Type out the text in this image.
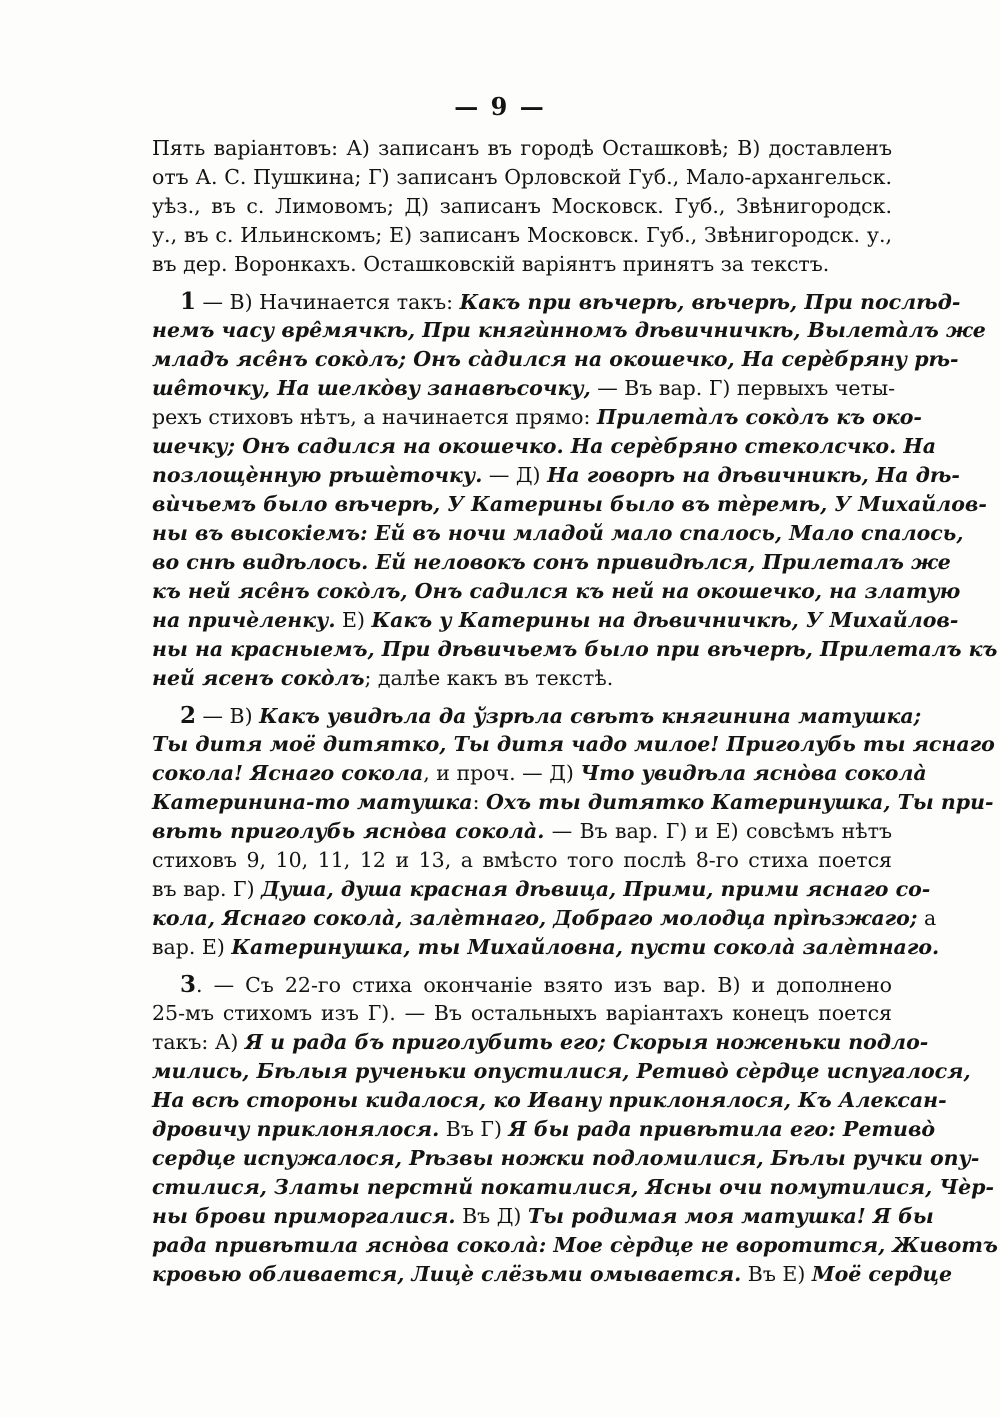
— 9 —
Пять варіантовъ: А) записанъ въ городѣ Осташковѣ; В) доставленъ
отъ А. С. Пушкина; Г) записанъ Орловской Губ., Мало-архангельск.
уѣз., въ с. Лимовомъ; Д) записанъ Московск. Губ., Звѣнигородск.
у., въ с. Ильинскомъ; Е) записанъ Московск. Губ., Звѣнигородск. у.,
въ дер. Воронкахъ. Осташковскій варіянтъ принятъ за текстъ.
1 — В) Начинается такъ: Какъ при вѣчерѣ, вѣчерѣ, При послѣд-
немъ часу вре̂мячкѣ, При княгѝнномъ дѣвичничкѣ, Вылетàлъ же
младъ ясе̂нъ соко̀лъ; Онъ сàдился на окошечко, На серѐбряну рѣ-
ше̂точку, На шелкòву занавѣсочку, — Въ вар. Г) первыхъ четы-
рехъ стиховъ нѣтъ, а начинается прямо: Прилетàлъ соко̀лъ къ око-
шечку; Онъ садился на окошечко. На серѐбряно стеколсчко. На
позлощѐнную рѣшѐточку. — Д) На говорѣ на дѣвичникѣ, На дѣ-
вѝчьемъ было вѣчерѣ, У Катерины было въ тѐремѣ, У Михайлов-
ны въ высокіемъ: Ей въ ночи младой мало спалось, Мало спалось,
во снѣ видѣлось. Ей неловокъ сонъ привидѣлся, Прилеталъ же
къ ней ясе̂нъ соко̀лъ, Онъ садился къ ней на окошечко, на златую
на причѐленку. Е) Какъ у Катерины на дѣвичничкѣ, У Михайлов-
ны на красныемъ, При дѣвичьемъ было при вѣчерѣ, Прилеталъ къ
ней ясенъ соко̀лъ; далѣе какъ въ текстѣ.
2 — В) Какъ увидѣла да ўзрѣла свѣтъ княгинина матушка;
Ты дитя моё дитятко, Ты дитя чадо милое! Приголубь ты яснаго
сокола! Яснаго сокола, и проч. — Д) Что увидѣла ясно̀ва сокола̀
Катеринина-то матушка: Охъ ты дитятко Катеринушка, Ты при-
вѣть приголубь ясно̀ва сокола̀. — Въ вар. Г) и Е) совсѣмъ нѣтъ
стиховъ 9, 10, 11, 12 и 13, а вмѣсто того послѣ 8-го стиха поется
въ вар. Г) Душа, душа красная дѣвица, Прими, прими яснаго со-
кола, Яснаго сокола̀, залѐтнаго, Добраго молодца прі̀ѣзжаго; а
вар. Е) Катеринушка, ты Михайловна, пусти сокола̀ залѐтнаго.
3. — Съ 22-го стиха окончаніе взято изъ вар. В) и дополнено
25-мъ стихомъ изъ Г). — Въ остальныхъ варіантахъ конецъ поется
такъ: А) Я и рада бъ приголубить его; Скорыя ноженьки подло-
мились, Бѣлыя рученьки опустилися, Ретиво̀ сѐрдце испугалося,
На всѣ стороны кидалося, ко Ивану приклонялося, Къ Алексан-
дровичу приклонялося. Въ Г) Я бы рада привѣтила его: Ретиво̀
сердце испужалося, Рѣзвы ножки подломилися, Бѣлы ручки опу-
стилися, Златы перстнй покатилися, Ясны очи помутилися, Чѐр-
ны брови приморгалися. Въ Д) Ты родимая моя матушка! Я бы
рада привѣтила ясно̀ва сокола̀: Мое сѐрдце не воротится, Животъ
кровью обливается, Лицѐ слёзьми омывается. Въ Е) Моё сердце
